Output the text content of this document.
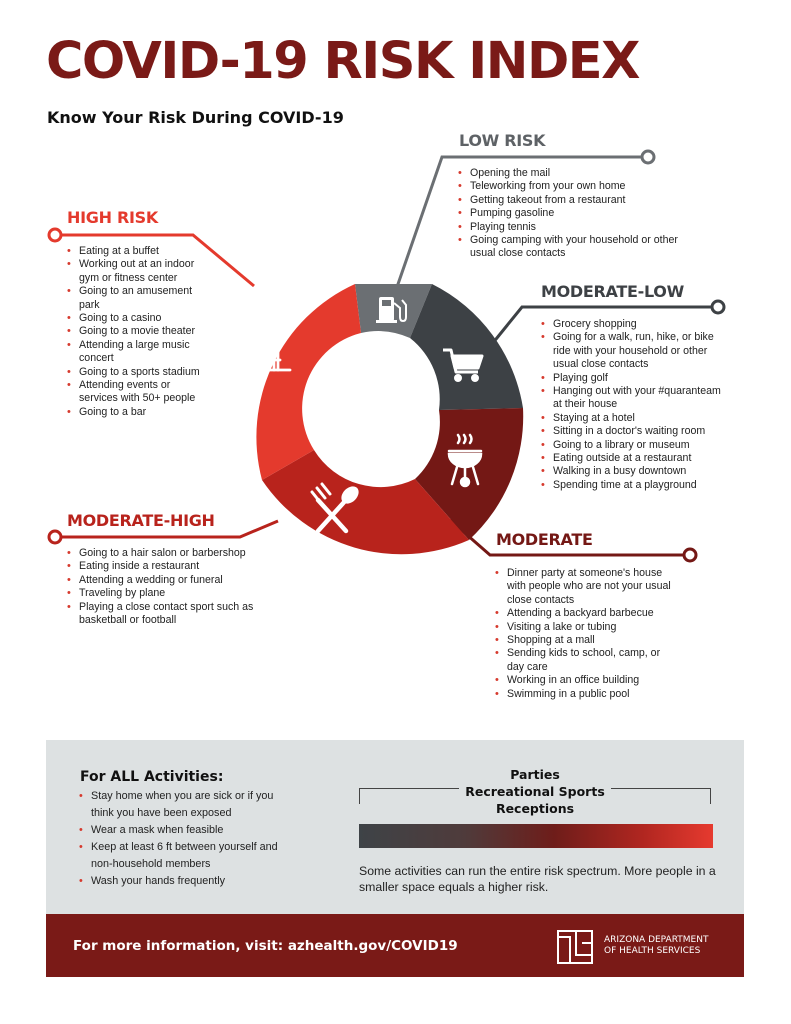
COVID-19 RISK INDEX
Know Your Risk During COVID-19
LOW RISK
• Opening the mail
• Teleworking from your own home
• Getting takeout from a restaurant
• Pumping gasoline
• Playing tennis
• Going camping with your household or other usual close contacts
HIGH RISK
• Eating at a buffet
• Working out at an indoor gym or fitness center
• Going to an amusement park
• Going to a casino
• Going to a movie theater
• Attending a large music concert
• Going to a sports stadium
• Attending events or services with 50+ people
• Going to a bar
MODERATE-LOW
• Grocery shopping
• Going for a walk, run, hike, or bike ride with your household or other usual close contacts
• Playing golf
• Hanging out with your #quaranteam at their house
• Staying at a hotel
• Sitting in a doctor's waiting room
• Going to a library or museum
• Eating outside at a restaurant
• Walking in a busy downtown
• Spending time at a playground
MODERATE-HIGH
• Going to a hair salon or barbershop
• Eating inside a restaurant
• Attending a wedding or funeral
• Traveling by plane
• Playing a close contact sport such as basketball or football
MODERATE
• Dinner party at someone's house with people who are not your usual close contacts
• Attending a backyard barbecue
• Visiting a lake or tubing
• Shopping at a mall
• Sending kids to school, camp, or day care
• Working in an office building
• Swimming in a public pool
For ALL Activities:
• Stay home when you are sick or if you think you have been exposed
• Wear a mask when feasible
• Keep at least 6 ft between yourself and non-household members
• Wash your hands frequently
Parties
Recreational Sports
Receptions
Some activities can run the entire risk spectrum. More people in a smaller space equals a higher risk.
For more information, visit: azhealth.gov/COVID19	ARIZONA DEPARTMENT
OF HEALTH SERVICES
